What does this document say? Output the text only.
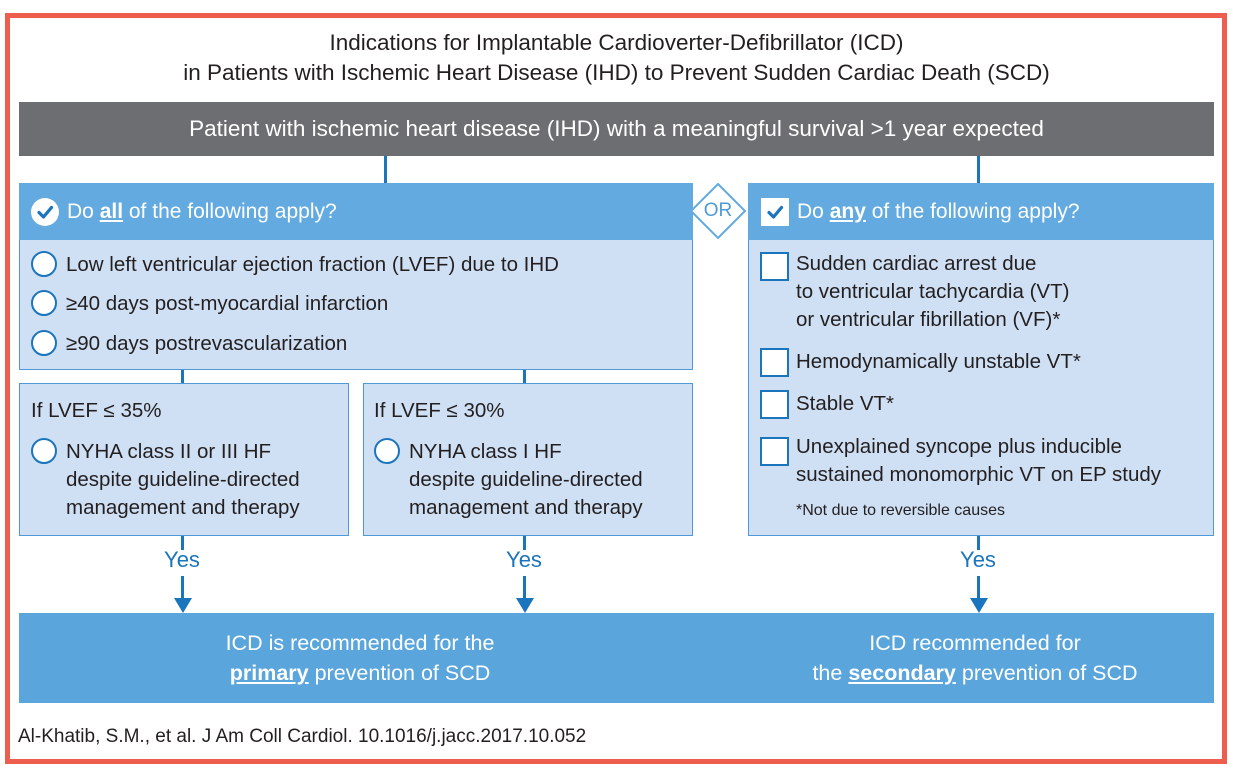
Indications for Implantable Cardioverter-Defibrillator (ICD)
in Patients with Ischemic Heart Disease (IHD) to Prevent Sudden Cardiac Death (SCD)
Patient with ischemic heart disease (IHD) with a meaningful survival >1 year expected
Do all of the following apply?
Low left ventricular ejection fraction (LVEF) due to IHD
≥40 days post-myocardial infarction
≥90 days postrevascularization
If LVEF ≤ 35%
NYHA class II or III HF
despite guideline-directed
management and therapy
If LVEF ≤ 30%
NYHA class I HF
despite guideline-directed
management and therapy
OR	Do any of the following apply?
Sudden cardiac arrest due
to ventricular tachycardia (VT)
or ventricular fibrillation (VF)*
Hemodynamically unstable VT*
Stable VT*
Unexplained syncope plus inducible
sustained monomorphic VT on EP study
*Not due to reversible causes
Yes	Yes	Yes
ICD is recommended for the
primary prevention of SCD
ICD recommended for
the secondary prevention of SCD
Al-Khatib, S.M., et al. J Am Coll Cardiol. 10.1016/j.jacc.2017.10.052
